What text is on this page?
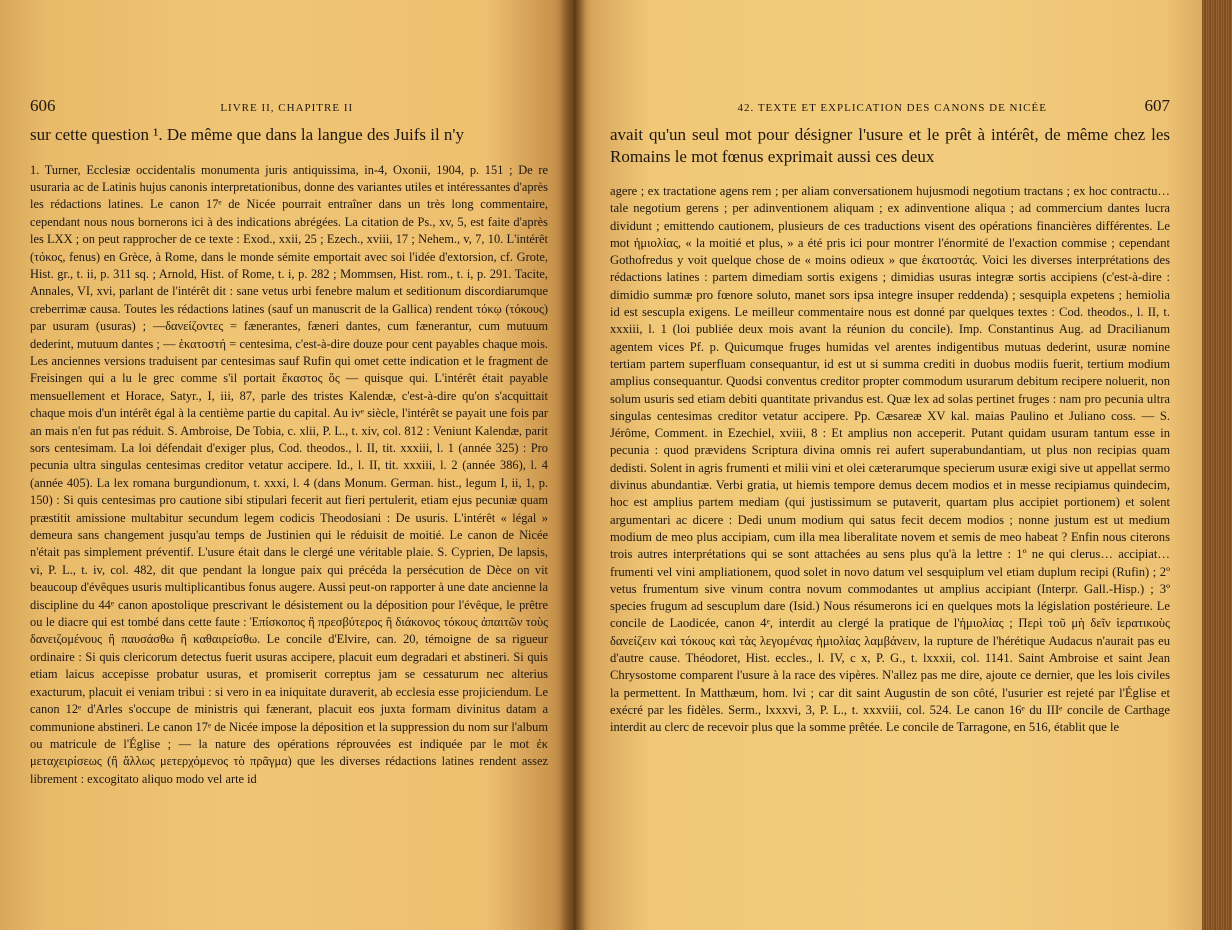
606	LIVRE II, CHAPITRE II

sur cette question ¹. De même que dans la langue des Juifs il n'y

1. Turner, Ecclesiæ occidentalis monumenta juris antiquissima, in-4, Oxonii, 1904, p. 151 ; De re usuraria ac de Latinis hujus canonis interpretationibus, donne des variantes utiles et intéressantes d'après les rédactions latines. Le canon 17ᵉ de Nicée pourrait entraîner dans un très long commentaire, cependant nous nous bornerons ici à des indications abrégées. La citation de Ps., xv, 5, est faite d'après les LXX ; on peut rapprocher de ce texte : Exod., xxii, 25 ; Ezech., xviii, 17 ; Nehem., v, 7, 10. L'intérêt (τόκος, fenus) en Grèce, à Rome, dans le monde sémite emportait avec soi l'idée d'extorsion, cf. Grote, Hist. gr., t. ii, p. 311 sq. ; Arnold, Hist. of Rome, t. i, p. 282 ; Mommsen, Hist. rom., t. i, p. 291. Tacite, Annales, VI, xvi, parlant de l'intérêt dit : sane vetus urbi fenebre malum et seditionum discordiarumque creberrimæ causa. Toutes les rédactions latines (sauf un manuscrit de la Gallica) rendent τόκῳ (τόκους) par usuram (usuras) ; —δανείζοντες = fænerantes, fæneri dantes, cum fænerantur, cum mutuum dederint, mutuum dantes ; — ἑκατοστή = centesima, c'est-à-dire douze pour cent payables chaque mois. Les anciennes versions traduisent par centesimas sauf Rufin qui omet cette indication et le fragment de Freisingen qui a lu le grec comme s'il portait ἕκαστος ὅς — quisque qui. L'intérêt était payable mensuellement et Horace, Satyr., I, iii, 87, parle des tristes Kalendæ, c'est-à-dire qu'on s'acquittait chaque mois d'un intérêt égal à la centième partie du capital. Au ivᵉ siècle, l'intérêt se payait une fois par an mais n'en fut pas réduit. S. Ambroise, De Tobia, c. xlii, P. L., t. xiv, col. 812 : Veniunt Kalendæ, parit sors centesimam. La loi défendait d'exiger plus, Cod. theodos., l. II, tit. xxxiii, l. 1 (année 325) : Pro pecunia ultra singulas centesimas creditor vetatur accipere. Id., l. II, tit. xxxiii, l. 2 (année 386), l. 4 (année 405). La lex romana burgundionum, t. xxxi, l. 4 (dans Monum. German. hist., legum I, ii, 1, p. 150) : Si quis centesimas pro cautione sibi stipulari fecerit aut fieri pertulerit, etiam ejus pecuniæ quam præstitit amissione multabitur secundum legem codicis Theodosiani : De usuris. L'intérêt « légal » demeura sans changement jusqu'au temps de Justinien qui le réduisit de moitié. Le canon de Nicée n'était pas simplement préventif. L'usure était dans le clergé une véritable plaie. S. Cyprien, De lapsis, vi, P. L., t. iv, col. 482, dit que pendant la longue paix qui précéda la persécution de Dèce on vit beaucoup d'évêques usuris multiplicantibus fonus augere. Aussi peut-on rapporter à une date ancienne la discipline du 44ᵉ canon apostolique prescrivant le désistement ou la déposition pour l'évêque, le prêtre ou le diacre qui est tombé dans cette faute : Ἐπίσκοπος ἢ πρεσβύτερος ἢ διάκονος τόκους ἀπαιτῶν τοὺς δανειζομένους ἢ παυσάσθω ἢ καθαιρείσθω. Le concile d'Elvire, can. 20, témoigne de sa rigueur ordinaire : Si quis clericorum detectus fuerit usuras accipere, placuit eum degradari et abstineri. Si quis etiam laicus accepisse probatur usuras, et promiserit correptus jam se cessaturum nec alterius exacturum, placuit ei veniam tribui : si vero in ea iniquitate duraverit, ab ecclesia esse projiciendum. Le canon 12ᵉ d'Arles s'occupe de ministris qui fænerant, placuit eos juxta formam divinitus datam a communione abstineri. Le canon 17ᵉ de Nicée impose la déposition et la suppression du nom sur l'album ou matricule de l'Église ; — la nature des opérations réprouvées est indiquée par le mot ἐκ μεταχειρίσεως (ἢ ἄλλως μετερχόμενος τὸ πρᾶγμα) que les diverses rédactions latines rendent assez librement : excogitato aliquo modo vel arte id

42. TEXTE ET EXPLICATION DES CANONS DE NICÉE	607

avait qu'un seul mot pour désigner l'usure et le prêt à intérêt, de même chez les Romains le mot fœnus exprimait aussi ces deux

agere ; ex tractatione agens rem ; per aliam conversationem hujusmodi negotium tractans ; ex hoc contractu… tale negotium gerens ; per adinventionem aliquam ; ex adinventione aliqua ; ad commercium dantes lucra dividunt ; emittendo cautionem, plusieurs de ces traductions visent des opérations financières différentes. Le mot ἡμιολίας, « la moitié et plus, » a été pris ici pour montrer l'énormité de l'exaction commise ; cependant Gothofredus y voit quelque chose de « moins odieux » que ἑκατοστάς. Voici les diverses interprétations des rédactions latines : partem dimediam sortis exigens ; dimidias usuras integræ sortis accipiens (c'est-à-dire : dimidio summæ pro fœnore soluto, manet sors ipsa integre insuper reddenda) ; sesquipla expetens ; hemiolia id est sescupla exigens. Le meilleur commentaire nous est donné par quelques textes : Cod. theodos., l. II, t. xxxiii, l. 1 (loi publiée deux mois avant la réunion du concile). Imp. Constantinus Aug. ad Dracilianum agentem vices Pf. p. Quicumque fruges humidas vel arentes indigentibus mutuas dederint, usuræ nomine tertiam partem superfluam consequantur, id est ut si summa crediti in duobus modiis fuerit, tertium modium amplius consequantur. Quodsi conventus creditor propter commodum usurarum debitum recipere noluerit, non solum usuris sed etiam debiti quantitate privandus est. Quæ lex ad solas pertinet fruges : nam pro pecunia ultra singulas centesimas creditor vetatur accipere. Pp. Cæsareæ XV kal. maias Paulino et Juliano coss. — S. Jérôme, Comment. in Ezechiel, xviii, 8 : Et amplius non acceperit. Putant quidam usuram tantum esse in pecunia : quod prævidens Scriptura divina omnis rei aufert superabundantiam, ut plus non recipias quam dedisti. Solent in agris frumenti et milii vini et olei cæterarumque specierum usuræ exigi sive ut appellat sermo divinus abundantiæ. Verbi gratia, ut hiemis tempore demus decem modios et in messe recipiamus quindecim, hoc est amplius partem mediam (qui justissimum se putaverit, quartam plus accipiet portionem) et solent argumentari ac dicere : Dedi unum modium qui satus fecit decem modios ; nonne justum est ut medium modium de meo plus accipiam, cum illa mea liberalitate novem et semis de meo habeat ? Enfin nous citerons trois autres interprétations qui se sont attachées au sens plus qu'à la lettre : 1º ne qui clerus… accipiat… frumenti vel vini ampliationem, quod solet in novo datum vel sesquiplum vel etiam duplum recipi (Rufin) ; 2º vetus frumentum sive vinum contra novum commodantes ut amplius accipiant (Interpr. Gall.-Hisp.) ; 3º species frugum ad sescuplum dare (Isid.) Nous résumerons ici en quelques mots la législation postérieure. Le concile de Laodicée, canon 4ᵉ, interdit au clergé la pratique de l'ἡμιολίας ; Περὶ τοῦ μὴ δεῖν ἱερατικοὺς δανείζειν καὶ τόκους καὶ τὰς λεγομένας ἡμιολίας λαμβάνειν, la rupture de l'hérétique Audacus n'aurait pas eu d'autre cause. Théodoret, Hist. eccles., l. IV, c x, P. G., t. lxxxii, col. 1141. Saint Ambroise et saint Jean Chrysostome comparent l'usure à la race des vipères. N'allez pas me dire, ajoute ce dernier, que les lois civiles la permettent. In Matthæum, hom. lvi ; car dit saint Augustin de son côté, l'usurier est rejeté par l'Église et exécré par les fidèles. Serm., lxxxvi, 3, P. L., t. xxxviii, col. 524. Le canon 16ᵉ du IIIᵉ concile de Carthage interdit au clerc de recevoir plus que la somme prêtée. Le concile de Tarragone, en 516, établit que le
